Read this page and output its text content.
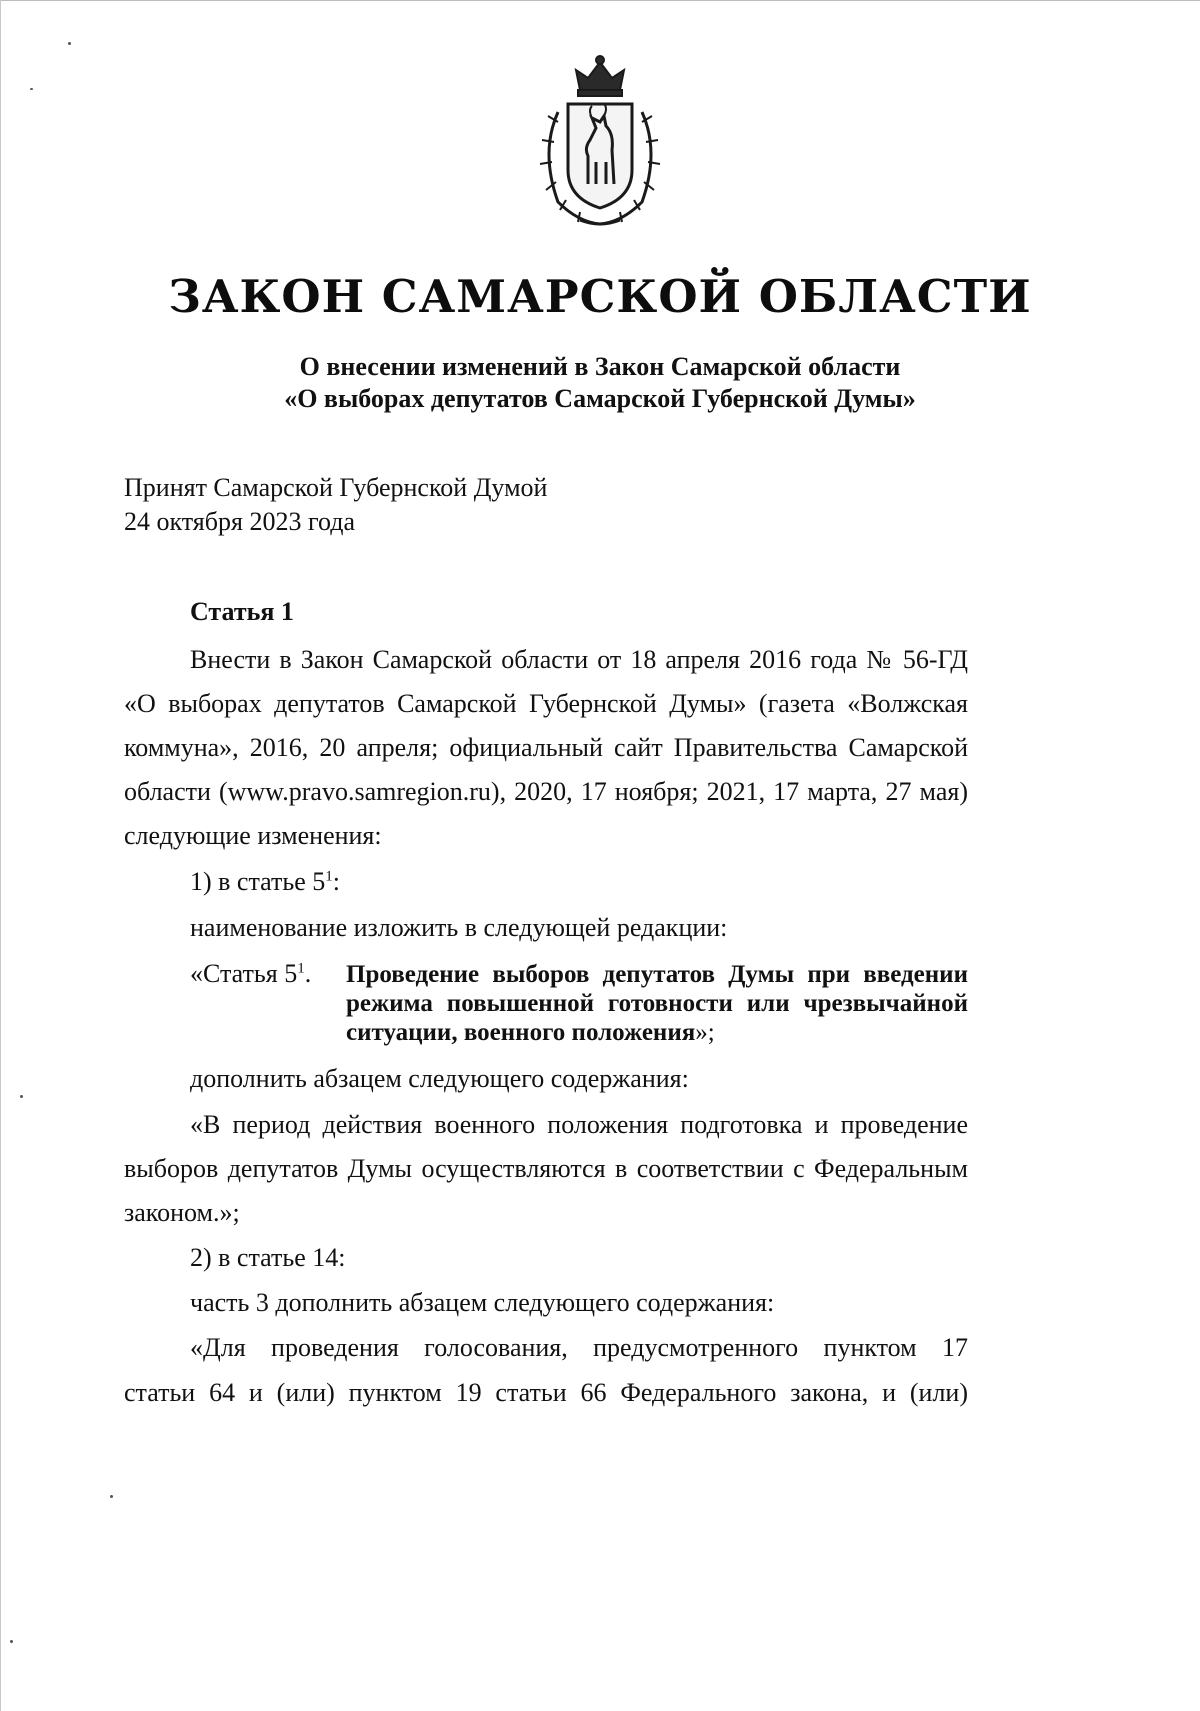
ЗАКОН САМАРСКОЙ ОБЛАСТИ
О внесении изменений в Закон Самарской области
«О выборах депутатов Самарской Губернской Думы»
Принят Самарской Губернской Думой
24 октября 2023 года
Статья 1
Внести в Закон Самарской области от 18 апреля 2016 года № 56-ГД
«О выборах депутатов Самарской Губернской Думы» (газета «Волжская
коммуна», 2016, 20 апреля; официальный сайт Правительства Самарской
области (www.pravo.samregion.ru), 2020, 17 ноября; 2021, 17 марта, 27 мая)
следующие изменения:
1) в статье $5^1$:
наименование изложить в следующей редакции:
«Статья $5^1$. Проведение выборов депутатов Думы при введении
режима повышенной готовности или чрезвычайной
ситуации, военного положения»;
дополнить абзацем следующего содержания:
«В период действия военного положения подготовка и проведение
выборов депутатов Думы осуществляются в соответствии с Федеральным
законом.»;
2) в статье 14:
часть 3 дополнить абзацем следующего содержания:
«Для проведения голосования, предусмотренного пунктом 17
статьи 64 и (или) пунктом 19 статьи 66 Федерального закона, и (или)
